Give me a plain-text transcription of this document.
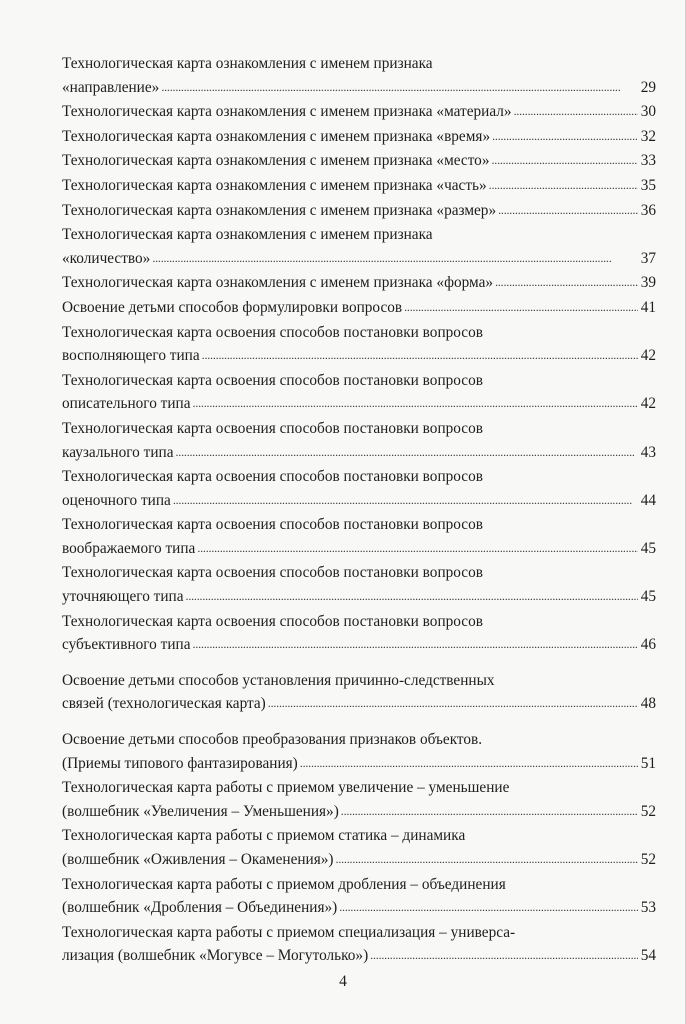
Технологическая карта ознакомления с именем признака
«направление» . . .	29
Технологическая карта ознакомления с именем признака «материал» . . .	30
Технологическая карта ознакомления с именем признака «время» . . .	32
Технологическая карта ознакомления с именем признака «место» . . .	33
Технологическая карта ознакомления с именем признака «часть» . . .	35
Технологическая карта ознакомления с именем признака «размер» . . .	36
Технологическая карта ознакомления с именем признака
«количество» . . .	37
Технологическая карта ознакомления с именем признака «форма» . . .	39
Освоение детьми способов формулировки вопросов . . .	41
Технологическая карта освоения способов постановки вопросов
восполняющего типа . . .	42
Технологическая карта освоения способов постановки вопросов
описательного типа . . .	42
Технологическая карта освоения способов постановки вопросов
каузального типа . . .	43
Технологическая карта освоения способов постановки вопросов
оценочного типа . . .	44
Технологическая карта освоения способов постановки вопросов
воображаемого типа . . .	45
Технологическая карта освоения способов постановки вопросов
уточняющего типа . . .	45
Технологическая карта освоения способов постановки вопросов
субъективного типа . . .	46
Освоение детьми способов установления причинно-следственных
связей (технологическая карта) . . .	48
Освоение детьми способов преобразования признаков объектов.
(Приемы типового фантазирования) . . .	51
Технологическая карта работы с приемом увеличение – уменьшение
(волшебник «Увеличения – Уменьшения») . . .	52
Технологическая карта работы с приемом статика – динамика
(волшебник «Оживления – Окаменения») . . .	52
Технологическая карта работы с приемом дробления – объединения
(волшебник «Дробления – Объединения») . . .	53
Технологическая карта работы с приемом специализация – универса-
лизация (волшебник «Могувсе – Могутолько») . . .	54
4
